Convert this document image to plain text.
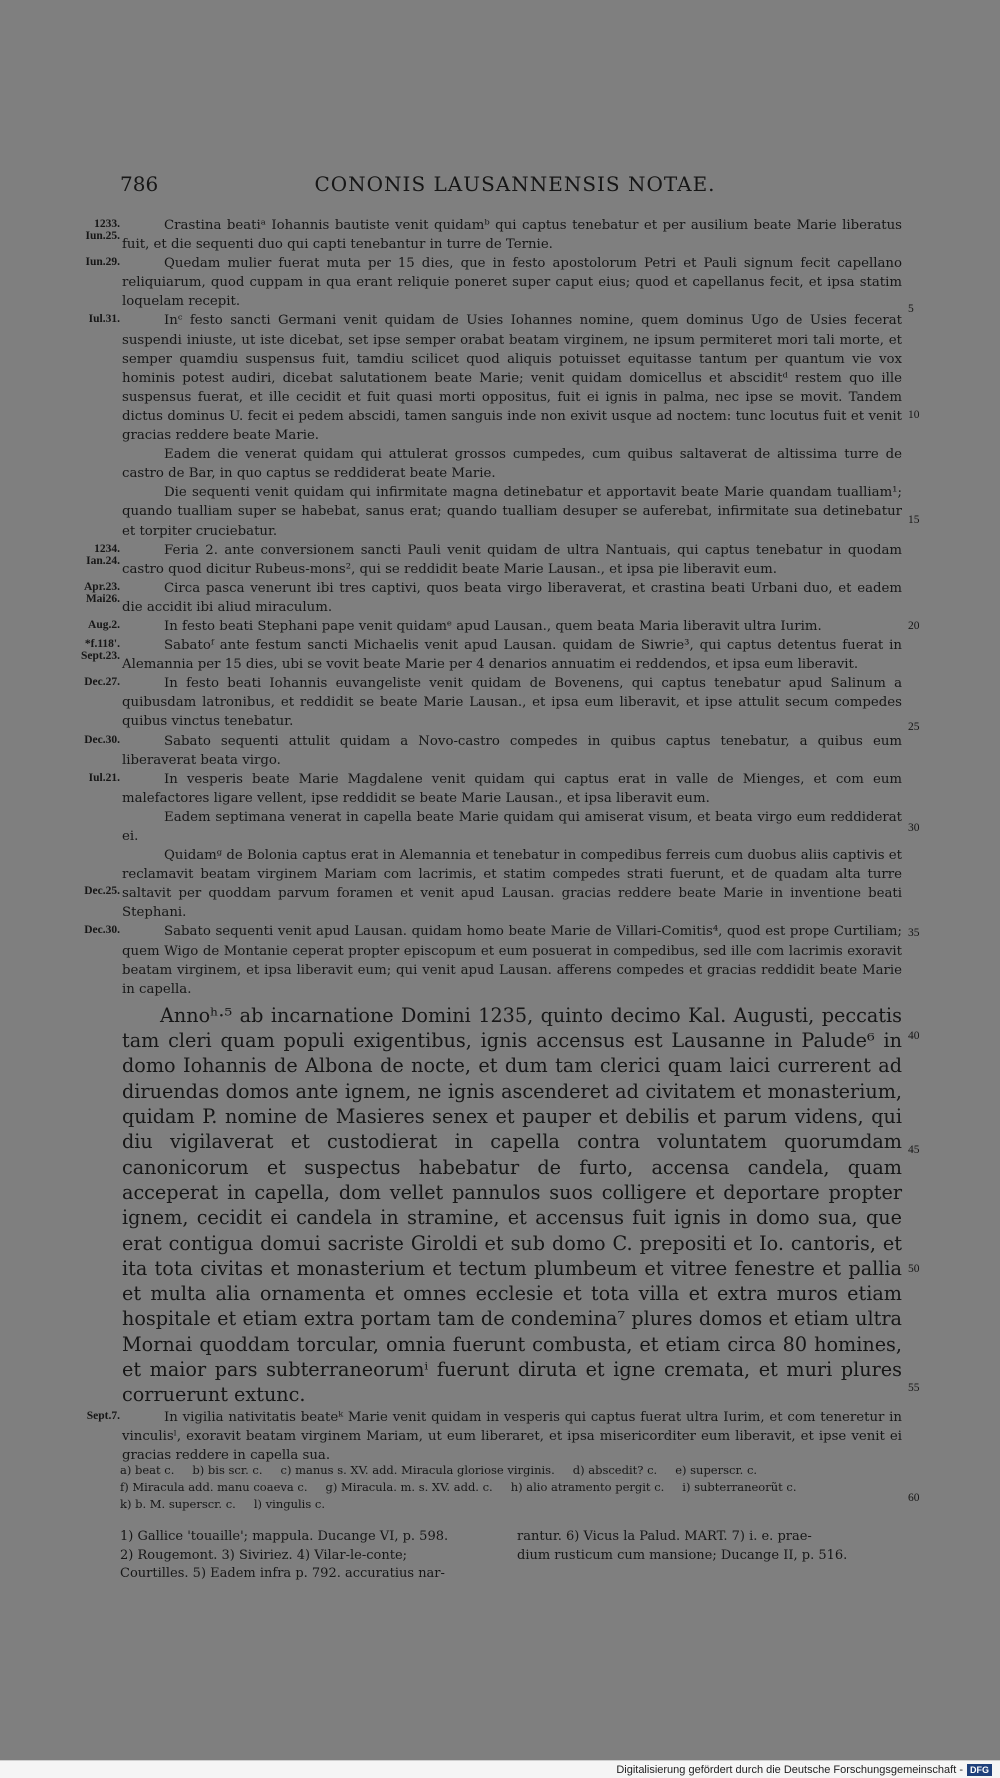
786	CONONIS LAUSANNENSIS NOTAE.
1233.
Iun.25.

Crastina beatiᵃ Iohannis bautiste venit quidamᵇ qui captus tenebatur et per ausilium beate Marie liberatus fuit, et die sequenti duo qui capti tenebantur in turre de Ternie.

Iun.29.	Quedam mulier fuerat muta per 15 dies, que in festo apostolorum Petri et Pauli signum fecit capellano reliquiarum, quod cuppam in qua erant reliquie poneret super caput eius; quod et capellanus fecit, et ipsa statim loquelam recepit.

Iul.31.	Inᶜ festo sancti Germani venit quidam de Usies Iohannes nomine, quem dominus Ugo de Usies fecerat suspendi iniuste, ut iste dicebat, set ipse semper orabat beatam virginem, ne ipsum permiteret mori tali morte, et semper quamdiu suspensus fuit, tamdiu scilicet quod aliquis potuisset equitasse tantum per quantum vie vox hominis potest audiri, dicebat salutationem beate Marie; venit quidam domicellus et absciditᵈ restem quo ille suspensus fuerat, et ille cecidit et fuit quasi morti oppositus, fuit ei ignis in palma, nec ipse se movit. Tandem dictus dominus U. fecit ei pedem abscidi, tamen sanguis inde non exivit usque ad noctem: tunc locutus fuit et venit gracias reddere beate Marie.

Eadem die venerat quidam qui attulerat grossos cumpedes, cum quibus saltaverat de altissima turre de castro de Bar, in quo captus se reddiderat beate Marie.

Die sequenti venit quidam qui infirmitate magna detinebatur et apportavit beate Marie quandam tualliam¹; quando tualliam super se habebat, sanus erat; quando tualliam desuper se auferebat, infirmitate sua detinebatur et torpiter cruciebatur.

1234.
Ian.24.

Feria 2. ante conversionem sancti Pauli venit quidam de ultra Nantuais, qui captus tenebatur in quodam castro quod dicitur Rubeus-mons², qui se reddidit beate Marie Lausan., et ipsa pie liberavit eum.

Apr.23.
Mai26.

Circa pasca venerunt ibi tres captivi, quos beata virgo liberaverat, et crastina beati Urbani duo, et eadem die accidit ibi aliud miraculum.

Aug.2.	In festo beati Stephani pape venit quidamᵉ apud Lausan., quem beata Maria liberavit ultra Iurim.

*f.118'.
Sept.23.

Sabatoᶠ ante festum sancti Michaelis venit apud Lausan. quidam de Siwrie³, qui captus detentus fuerat in Alemannia per 15 dies, ubi se vovit beate Marie per 4 denarios annuatim ei reddendos, et ipsa eum liberavit.

Dec.27.	In festo beati Iohannis euvangeliste venit quidam de Bovenens, qui captus tenebatur apud Salinum a quibusdam latronibus, et reddidit se beate Marie Lausan., et ipsa eum liberavit, et ipse attulit secum compedes quibus vinctus tenebatur.

Dec.30.	Sabato sequenti attulit quidam a Novo-castro compedes in quibus captus tenebatur, a quibus eum liberaverat beata virgo.

Iul.21.	In vesperis beate Marie Magdalene venit quidam qui captus erat in valle de Mienges, et com eum malefactores ligare vellent, ipse reddidit se beate Marie Lausan., et ipsa liberavit eum.

Eadem septimana venerat in capella beate Marie quidam qui amiserat visum, et beata virgo eum reddiderat ei.

Dec.25.

Quidamᵍ de Bolonia captus erat in Alemannia et tenebatur in compedibus ferreis cum duobus aliis captivis et reclamavit beatam virginem Mariam com lacrimis, et statim compedes strati fuerunt, et de quadam alta turre saltavit per quoddam parvum foramen et venit apud Lausan. gracias reddere beate Marie in inventione beati Stephani.

Dec.30.	Sabato sequenti venit apud Lausan. quidam homo beate Marie de Villari-Comitis⁴, quod est prope Curtiliam; quem Wigo de Montanie ceperat propter episcopum et eum posuerat in compedibus, sed ille com lacrimis exoravit beatam virginem, et ipsa liberavit eum; qui venit apud Lausan. afferens compedes et gracias reddidit beate Marie in capella.

Annoʰ·⁵ ab incarnatione Domini 1235, quinto decimo Kal. Augusti, peccatis tam cleri quam populi exigentibus, ignis accensus est Lausanne in Palude⁶ in domo Iohannis de Albona de nocte, et dum tam clerici quam laici currerent ad diruendas domos ante ignem, ne ignis ascenderet ad civitatem et monasterium, quidam P. nomine de Masieres senex et pauper et debilis et parum videns, qui diu vigilaverat et custodierat in capella contra voluntatem quorumdam canonicorum et suspectus habebatur de furto, accensa candela, quam acceperat in capella, dom vellet pannulos suos colligere et deportare propter ignem, cecidit ei candela in stramine, et accensus fuit ignis in domo sua, que erat contigua domui sacriste Giroldi et sub domo C. prepositi et Io. cantoris, et ita tota civitas et monasterium et tectum plumbeum et vitree fenestre et pallia et multa alia ornamenta et omnes ecclesie et tota villa et extra muros etiam hospitale et etiam extra portam tam de condemina⁷ plures domos et etiam ultra Mornai quoddam torcular, omnia fuerunt combusta, et etiam circa 80 homines, et maior pars subterraneorumⁱ fuerunt diruta et igne cremata, et muri plures corruerunt extunc.

Sept.7.	In vigilia nativitatis beateᵏ Marie venit quidam in vesperis qui captus fuerat ultra Iurim, et com teneretur in vinculisˡ, exoravit beatam virginem Mariam, ut eum liberaret, et ipsa misericorditer eum liberavit, et ipse venit ei gracias reddere in capella sua.

a) beat c. b) bis scr. c. c) manus s. XV. add. Miracula gloriose virginis. d) abscedit? c. e) superscr. c.
f) Miracula add. manu coaeva c. g) Miracula. m. s. XV. add. c. h) alio atramento pergit c. i) subterraneorũt c.
k) b. M. superscr. c. l) vingulis c.
1) Gallice 'touaille'; mappula. Ducange VI, p. 598.
2) Rougemont. 3) Siviriez. 4) Vilar-le-conte;
Courtilles. 5) Eadem infra p. 792. accuratius nar-
rantur. 6) Vicus la Palud. MART. 7) i. e. prae-
dium rusticum cum mansione; Ducange II, p. 516.
5
10
15
20
25
30
35
40
45
50
55
60
Digitalisierung gefördert durch die Deutsche Forschungsgemeinschaft - DFG
